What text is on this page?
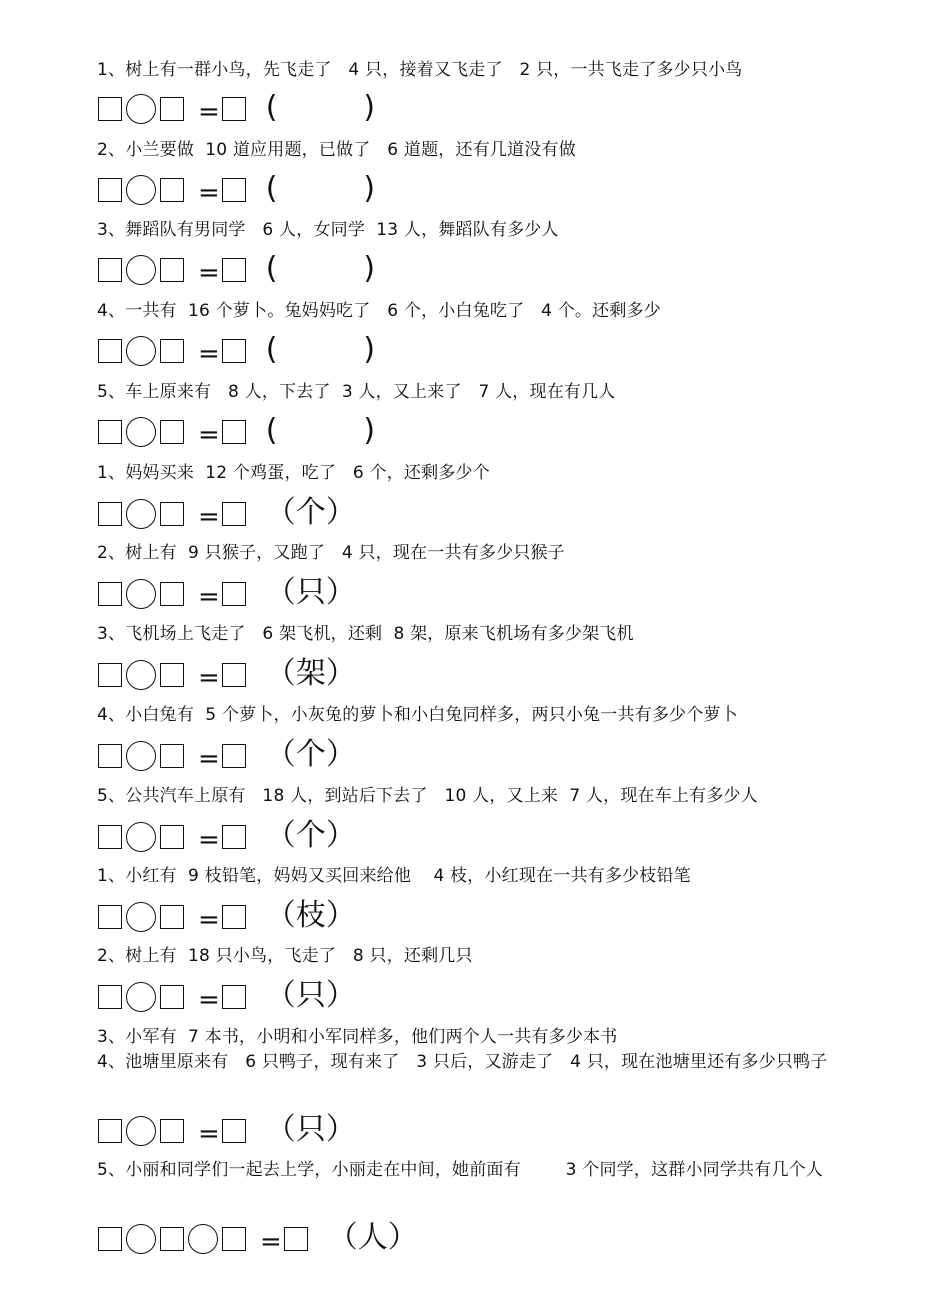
1、树上有一群小鸟，先飞走了   4 只，接着又飞走了   2 只，一共飞走了多少只小鸟
= (         )
2、小兰要做  10 道应用题，已做了   6 道题，还有几道没有做
= (         )
3、舞蹈队有男同学   6 人，女同学  13 人，舞蹈队有多少人
= (         )
4、一共有  16 个萝卜。兔妈妈吃了   6 个，小白兔吃了   4 个。还剩多少
= (         )
5、车上原来有   8 人，下去了  3 人，又上来了   7 人，现在有几人
= (         )
1、妈妈买来  12 个鸡蛋，吃了   6 个，还剩多少个
= （个）
2、树上有  9 只猴子，又跑了   4 只，现在一共有多少只猴子
= （只）
3、飞机场上飞走了   6 架飞机，还剩  8 架，原来飞机场有多少架飞机
= （架）
4、小白兔有  5 个萝卜，小灰兔的萝卜和小白兔同样多，两只小兔一共有多少个萝卜
= （个）
5、公共汽车上原有   18 人，到站后下去了   10 人，又上来  7 人，现在车上有多少人
= （个）
1、小红有  9 枝铅笔，妈妈又买回来给他    4 枝，小红现在一共有多少枝铅笔
= （枝）
2、树上有  18 只小鸟，飞走了   8 只，还剩几只
= （只）
3、小军有  7 本书，小明和小军同样多，他们两个人一共有多少本书
4、池塘里原来有   6 只鸭子，现有来了   3 只后，又游走了   4 只，现在池塘里还有多少只鸭子
= （只）
5、小丽和同学们一起去上学，小丽走在中间，她前面有        3 个同学，这群小同学共有几个人
= （人）
